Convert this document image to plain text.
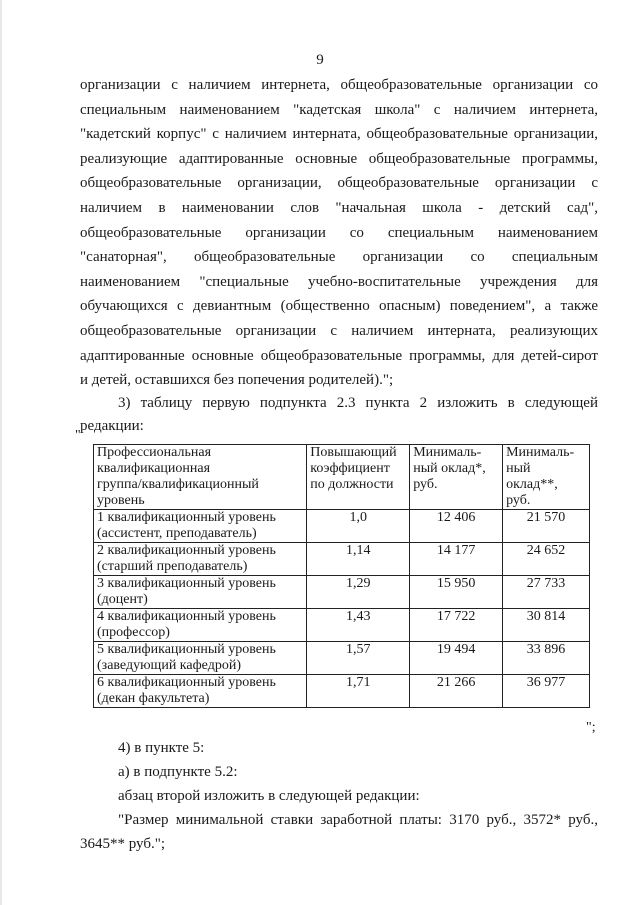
9
организации с наличием интернета, общеобразовательные организации со
специальным наименованием "кадетская школа" с наличием интернета,
"кадетский корпус" с наличием интерната, общеобразовательные организации,
реализующие адаптированные основные общеобразовательные программы,
общеобразовательные организации, общеобразовательные организации с
наличием в наименовании слов "начальная школа - детский сад",
общеобразовательные организации со специальным наименованием
"санаторная", общеобразовательные организации со специальным
наименованием "специальные учебно-воспитательные учреждения для
обучающихся с девиантным (общественно опасным) поведением", а также
общеобразовательные организации с наличием интерната, реализующих
адаптированные основные общеобразовательные программы, для детей-сирот
и детей, оставшихся без попечения родителей).";
3) таблицу первую подпункта 2.3 пункта 2 изложить в следующей
редакции:
"
Профессиональная
квалификационная
группа/квалификационный
уровень	Повышающий
коэффициент
по должности	Минималь-
ный оклад*,
руб.	Минималь-
ный
оклад**,
руб.

1 квалификационный уровень
(ассистент, преподаватель)	1,0	12 406	21 570

2 квалификационный уровень
(старший преподаватель)	1,14	14 177	24 652

3 квалификационный уровень
(доцент)	1,29	15 950	27 733

4 квалификационный уровень
(профессор)	1,43	17 722	30 814

5 квалификационный уровень
(заведующий кафедрой)	1,57	19 494	33 896

6 квалификационный уровень
(декан факультета)	1,71	21 266	36 977
";
4) в пункте 5:
а) в подпункте 5.2:
абзац второй изложить в следующей редакции:
"Размер минимальной ставки заработной платы: 3170 руб., 3572* руб.,
3645** руб.";
